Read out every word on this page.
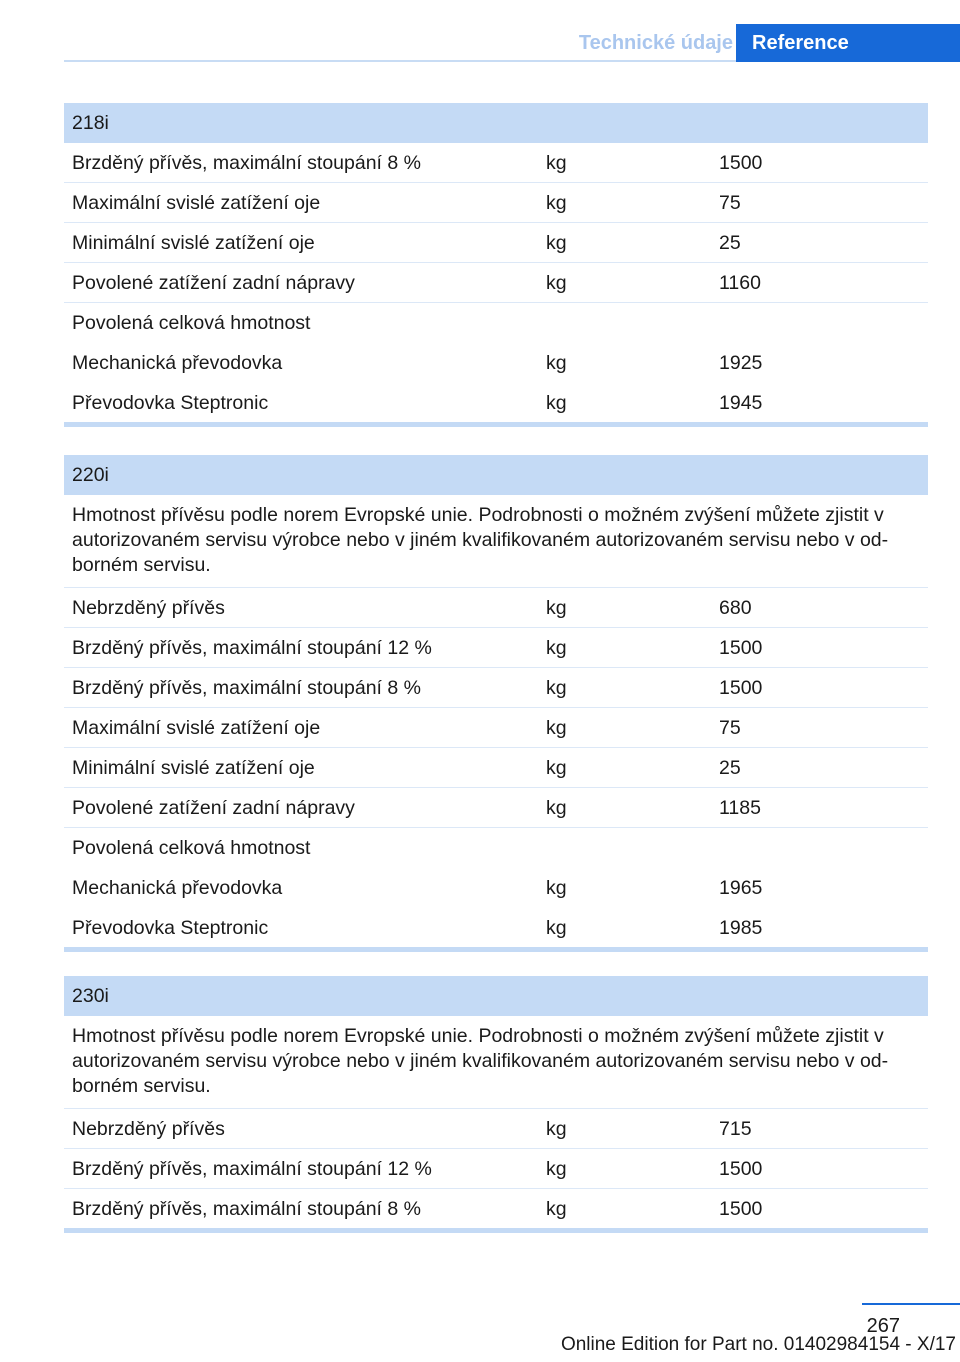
Technické údaje Reference
218i
Brzděný přívěs, maximální stoupání 8 %	kg	1500
Maximální svislé zatížení oje	kg	75
Minimální svislé zatížení oje	kg	25
Povolené zatížení zadní nápravy	kg	1160
Povolená celková hmotnost
Mechanická převodovka	kg	1925
Převodovka Steptronic	kg	1945
220i
Hmotnost přívěsu podle norem Evropské unie. Podrobnosti o možném zvýšení můžete zjistit v autorizovaném servisu výrobce nebo v jiném kvalifikovaném autorizovaném servisu nebo v od‐borném servisu.
Nebrzděný přívěs	kg	680
Brzděný přívěs, maximální stoupání 12 %	kg	1500
Brzděný přívěs, maximální stoupání 8 %	kg	1500
Maximální svislé zatížení oje	kg	75
Minimální svislé zatížení oje	kg	25
Povolené zatížení zadní nápravy	kg	1185
Povolená celková hmotnost
Mechanická převodovka	kg	1965
Převodovka Steptronic	kg	1985
230i
Hmotnost přívěsu podle norem Evropské unie. Podrobnosti o možném zvýšení můžete zjistit v autorizovaném servisu výrobce nebo v jiném kvalifikovaném autorizovaném servisu nebo v od‐borném servisu.
Nebrzděný přívěs	kg	715
Brzděný přívěs, maximální stoupání 12 %	kg	1500
Brzděný přívěs, maximální stoupání 8 %	kg	1500
267
Online Edition for Part no. 01402984154 - X/17
